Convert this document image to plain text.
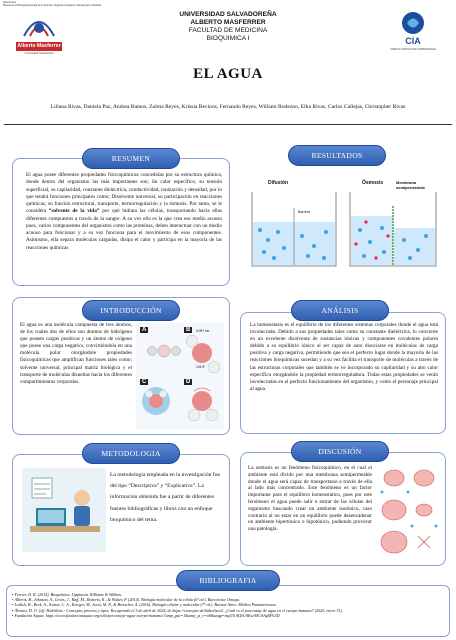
Referencias
Manual de la Biologia Elemental de la Quimica. Organica Inorganica. Manual para el Estudio
Alberto Masferrer
Universidad Salvadoreña
UNIVERSIDAD SALVADOREÑA
ALBERTO MASFERRER
FACULTAD DE MEDICINA
BIOQUIMICA I	CIA
CIENCIA INNOVACION APRENDIZAJE
EL AGUA
Liliana Rivas, Daniela Paz, Andrea Ramos, Zulma Reyes, Krissia Recinos, Fernando Reyes, William Rodezno, Elba Rivas, Carlos Callejas, Christopher Rivas
RESUMEN
El agua posee diferentes propiedades fisicoquímicas concedidas por su estructura química, donde dentro del organismo las más importantes son; Su calor específico, su tensión superficial, su capilaridad, constante dieléctrica, conductividad, ionización y densidad, por lo que tendrá funciones principales como; Disolvente universal, su participación en reacciones químicas, su función estructural, transporte, termorregulación y la ósmosis. Por tanto, se le considera “solvente de la vida” por qué hidrata las células, transportando hacia ellas diferentes compuestos a través de la sangre. A su vez ella es la que crea ese medio acuoso pues, varios componentes del organismo como las proteínas, deben interactuar con un medio acuoso para funcionar y a su vez funciona para el movimiento de esos componentes. Asimismo, ella separa moléculas cargadas, disipa el calor y participa en la mayoría de las reacciones químicas
RESULTADOS
Difusión	Ósmosis	Membrana semipermeable
Barrera
INTRODUCCIÓN
El agua es una molécula compuesta de tres átomos, de los cuales dos de ellos son átomos de hidrógeno que poseen cargas positivas y un átomo de oxígeno que posee una carga negativa, convirtiéndola en una molécula polar otorgándole propiedades fisicoquímicas que amplifican funciones tales como: solvente universal, principal matriz biológica y el transporte de moléculas disueltas hacia los diferentes compartimientos corporales.
A	B
C	D
0.097 nm
104.5°
ANÁLISIS
La homeostasis es el equilibrio de los diferentes sistemas corporales donde el agua está involucrado. Debido a sus propiedades tales como su constante dieléctrica, lo convierte en un excelente disolvente de sustancias iónicas y componentes covalentes polares debido a su equilibrio iónico al ser capaz de auto disociarse en moléculas de carga positiva y carga negativa, permitiendo que sea el perfecto lugar donde la mayoría de las reacciones bioquímicas sucedan y a su vez facilita el transporte de moléculas a través de las estructuras corporales que también se ve incorporado su capilaridad y su alto calor específico otorgándole la propiedad termorreguladora. Todas estas propiedades se verán involucradas en el perfecto funcionamiento del organismo, y como el personaje principal al agua.
METODOLOGIA
La metodología empleada en la investigación fue del tipo “Descriptiva” y “Explicativa”. La información obtenida fue a partir de diferentes fuentes bibliográficas y libros con un enfoque bioquímico del tema.
DISCUSIÓN
La osmosis es un fenómeno fisicoquímico, en el cual el ambiente está divido por una membrana semipermeable donde el agua será capaz de transportarse a través de ella al lado más concentrado. Este fenómeno es un factor importante para el equilibrio homeostático, pues por este fenómeno el agua puede salir o entrar de las células del organismo buscando crear un ambiente isotónico, caso contrario al no estar en un equilibrio puede desencadenar un ambiente hipertónico o hipotónico, pudiendo provocar una patología.
BIBLIOGRAFIA
• Ferrier, D. R. (2014). Bioquímica. Lippincott Williams & Wilkins.
• Alberts, B., Johnson, A., Lewis, J., Raff, M., Roberts, K., & Walter, P. (2014). Biología molecular de la célula (6ª ed.). Barcelona: Omega.
• Lodish, H., Berk, A., Kaiser, C. A., Krieger, M., Scott, M. P., & Bretscher, A. (2016). Biología celular y molecular (7ª ed.). Buenos Aires: Médica Panamericana.
• Álvarez, D. O. (sf). Hidrólisis - Concepto, proceso y tipos. Recuperado el 3 de abril de 2024, de https://concepto.de/hidrolisis/2. ¿Cuál es el porcentaje de agua en el cuerpo humano? (2020, enero 31).
• Fundación Aquae. https://www.fundacionaquae.org/wiki/porcentaje-agua-cuerpo-humano/?amp_gsa=1&amp_js_v=a9&usqp=mq331AQIUAKwASCAAgM%3D
